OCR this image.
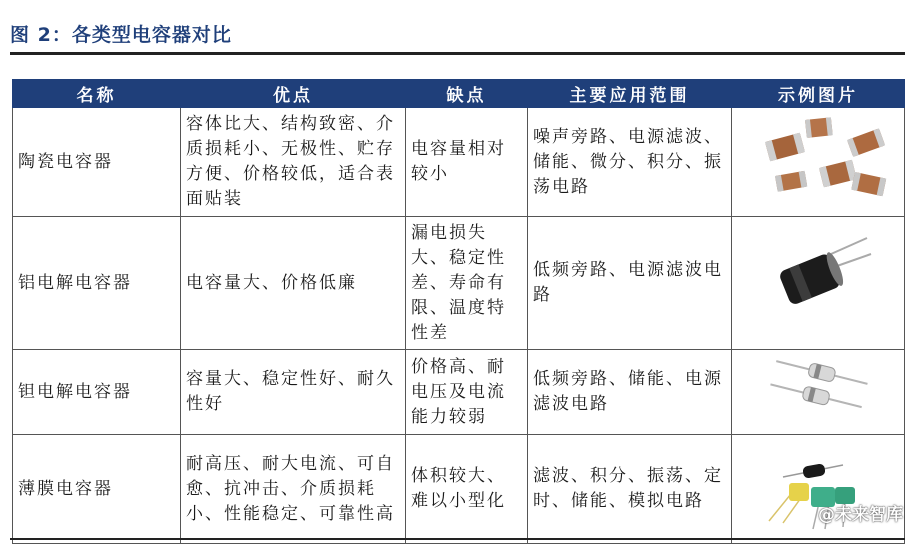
图 2：各类型电容器对比
名称	优点	缺点	主要应用范围	示例图片
陶瓷电容器	容体比大、结构致密、介质损耗小、无极性、贮存方便、价格较低，适合表面贴装	电容量相对较小	噪声旁路、电源滤波、储能、微分、积分、振荡电路	
铝电解电容器	电容量大、价格低廉	漏电损失大、稳定性差、寿命有限、温度特性差	低频旁路、电源滤波电路	
钽电解电容器	容量大、稳定性好、耐久性好	价格高、耐电压及电流能力较弱	低频旁路、储能、电源滤波电路	
薄膜电容器	耐高压、耐大电流、可自愈、抗冲击、介质损耗小、性能稳定、可靠性高	体积较大、难以小型化	滤波、积分、振荡、定时、储能、模拟电路	
@未来智库
